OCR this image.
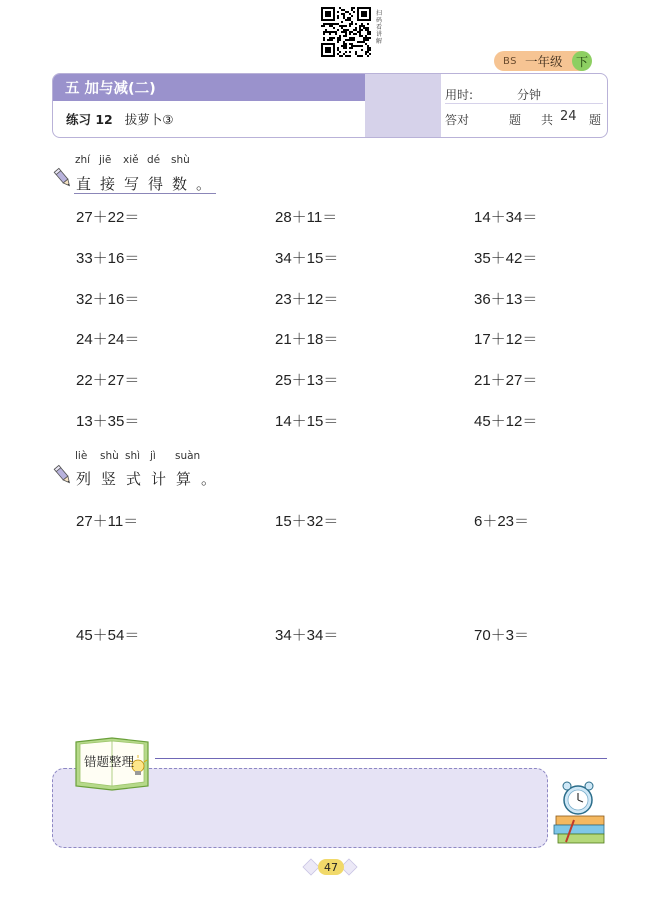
BS 一年级	下
五 加与减(二)
练习 12 拔萝卜③
用时:	分钟
答对	题 共 24 题
扫码看讲解
zhí jiē xiě dé shù
直 接 写 得 数 。
27＋22＝	28＋11＝	14＋34＝
33＋16＝	34＋15＝	35＋42＝
32＋16＝	23＋12＝	36＋13＝
24＋24＝	21＋18＝	17＋12＝
22＋27＝	25＋13＝	21＋27＝
13＋35＝	14＋15＝	45＋12＝
liè shù shì jì suàn
列 竖 式 计 算 。
27＋11＝	15＋32＝	6＋23＝
45＋54＝	34＋34＝	70＋3＝
错题整理
47
